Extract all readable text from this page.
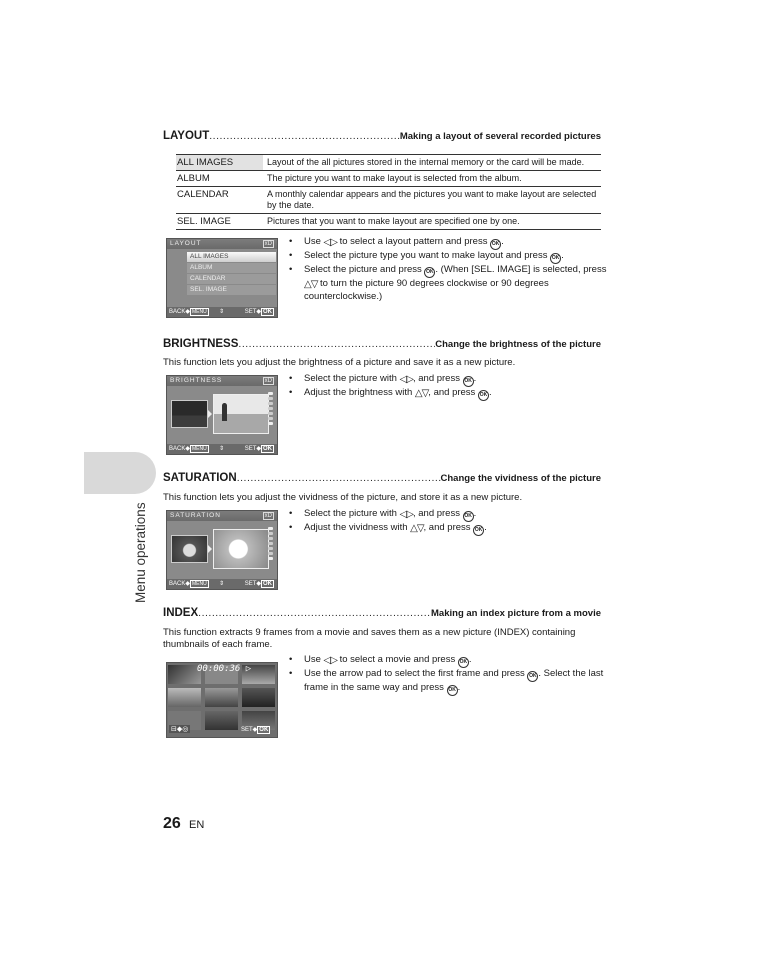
Menu operations
LAYOUT .....	Making a layout of several recorded pictures
ALL IMAGES	Layout of the all pictures stored in the internal memory or the card will be made.
ALBUM	The picture you want to make layout is selected from the album.
CALENDAR	A monthly calendar appears and the pictures you want to make layout are selected by the date.
SEL. IMAGE	Pictures that you want to make layout are specified one by one.
LAYOUT	xD
ALL IMAGES
ALBUM
CALENDAR
SEL. IMAGE
BACK◆ MENU	⇕	SET◆ OK
• Use ◁▷ to select a layout pattern and press OK .
• Select the picture type you want to make layout and press OK .
• Select the picture and press OK . (When [SEL. IMAGE] is selected, press △▽ to turn the picture 90 degrees clockwise or 90 degrees counterclockwise.)
BRIGHTNESS .....	Change the brightness of the picture
This function lets you adjust the brightness of a picture and save it as a new picture.
BRIGHTNESS	xD
BACK◆ MENU	⇕	SET◆ OK
• Select the picture with ◁▷, and press OK .
• Adjust the brightness with △▽, and press OK .
SATURATION .....	Change the vividness of the picture
This function lets you adjust the vividness of the picture, and store it as a new picture.
SATURATION	xD
BACK◆ MENU	⇕	SET◆ OK
• Select the picture with ◁▷, and press OK .
• Adjust the vividness with △▽, and press OK .
INDEX .....	Making an index picture from a movie
This function extracts 9 frames from a movie and saves them as a new picture (INDEX) containing thumbnails of each frame.
00:00:36 ▷
⊟◆◎	SET◆ OK
• Use ◁▷ to select a movie and press OK .
• Use the arrow pad to select the first frame and press OK . Select the last frame in the same way and press OK .
26 EN
